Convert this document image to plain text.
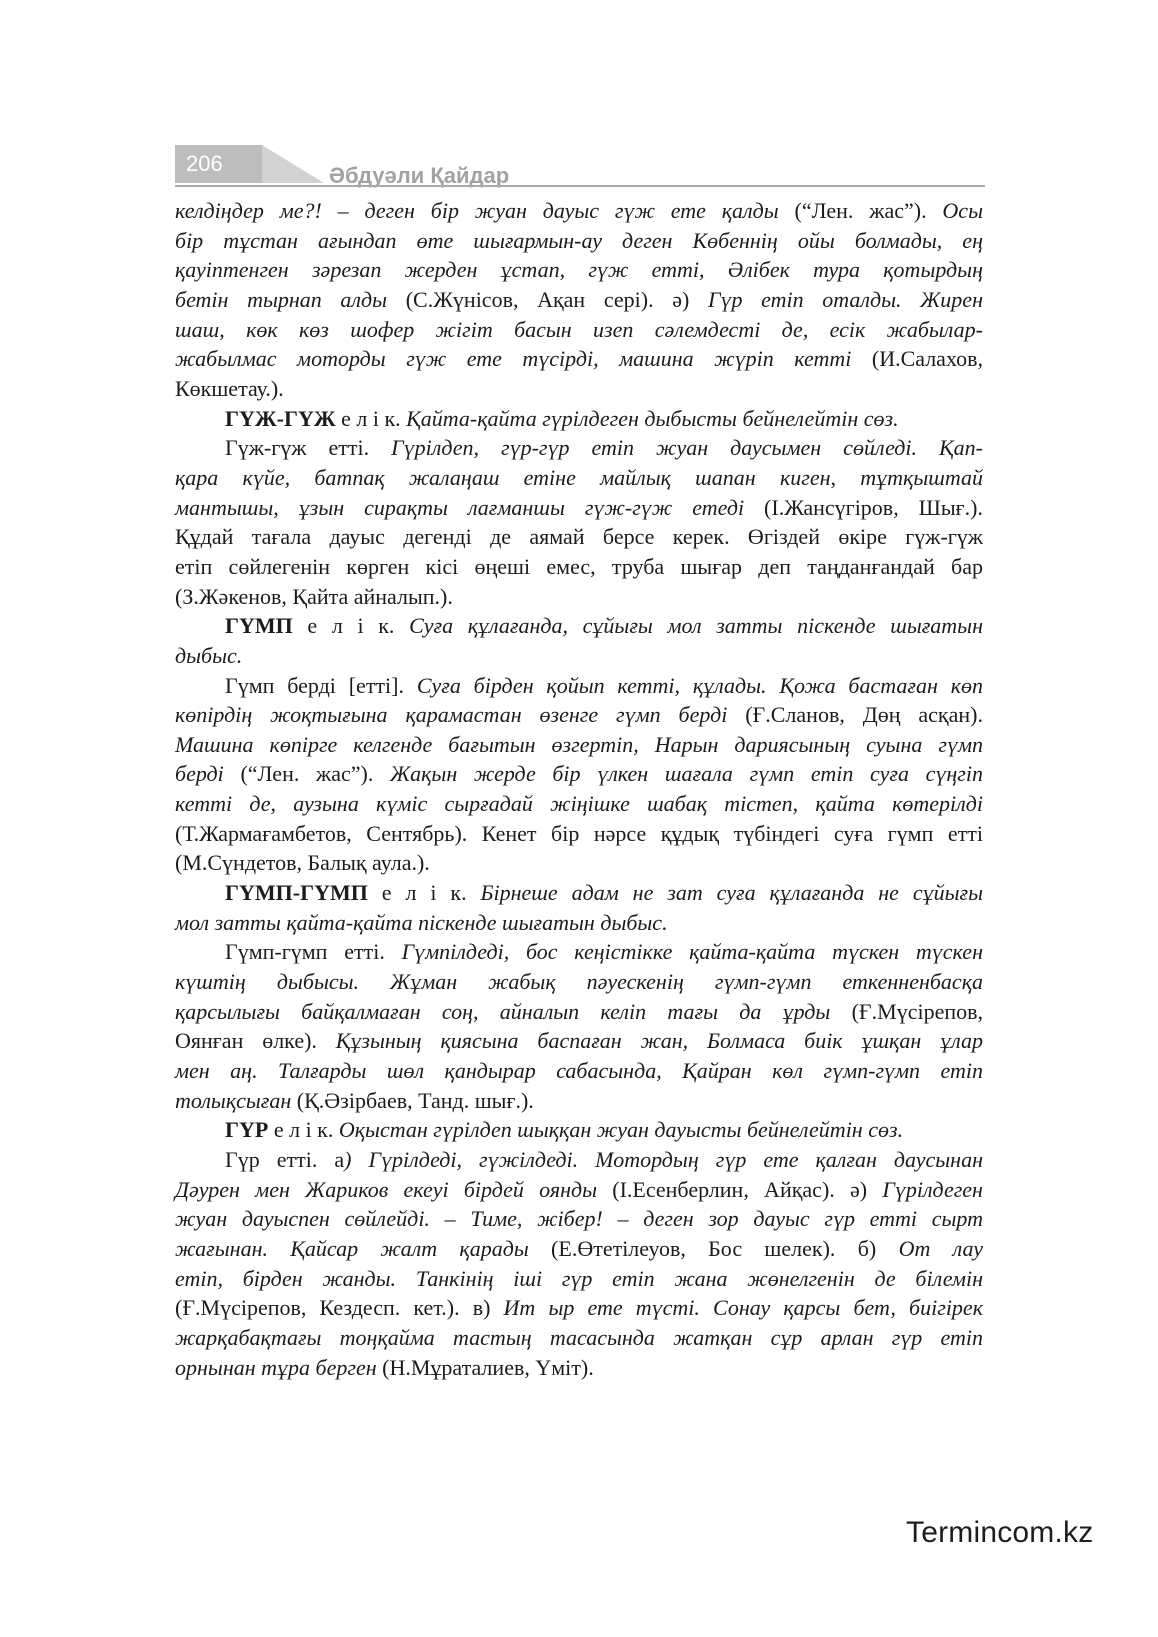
206	Әбдуәли Қайдар
келдіңдер ме?! – деген бір жуан дауыс гүж ете қалды (“Лен. жас”). Осы
бір тұстан ағындап өте шығармын-ау деген Көбеннің ойы болмады, ең
қауіптенген зәрезап жерден ұстап, гүж етті, Әлібек тура қотырдың
бетін тырнап алды (С.Жүнісов, Ақан сері). ә) Гүр етіп оталды. Жирен
шаш, көк көз шофер жігіт басын изеп сәлемдесті де, есік жабылар-
жабылмас моторды гүж ете түсірді, машина жүріп кетті (И.Салахов,
Көкшетау.).
ГҮЖ-ГҮЖ е л і к. Қайта-қайта гүрілдеген дыбысты бейнелейтін сөз.
Гүж-гүж етті. Гүрілдеп, гүр-гүр етіп жуан даусымен сөйледі. Қап-
қара күйе, батпақ жалаңаш етіне майлық шапан киген, тұтқыштай
мантышы, ұзын сирақты лағманшы гүж-гүж етеді (І.Жансүгіров, Шығ.).
Құдай тағала дауыс дегенді де аямай берсе керек. Өгіздей өкіре гүж-гүж
етіп сөйлегенін көрген кісі өңеші емес, труба шығар деп таңданғандай бар
(З.Жәкенов, Қайта айналып.).
ГҮМП е л і к. Суға құлағанда, сұйығы мол затты піскенде шығатын
дыбыс.
Гүмп берді [етті]. Суға бірден қойып кетті, құлады. Қожа бастаған көп
көпірдің жоқтығына қарамастан өзенге гүмп берді (Ғ.Сланов, Дөң асқан).
Машина көпірге келгенде бағытын өзгертіп, Нарын дариясының суына гүмп
берді (“Лен. жас”). Жақын жерде бір үлкен шағала гүмп етіп суға сүңгіп
кетті де, аузына күміс сырғадай жіңішке шабақ тістеп, қайта көтерілді
(Т.Жармағамбетов, Сентябрь). Кенет бір нәрсе құдық түбіндегі суға гүмп етті
(М.Сүндетов, Балық аула.).
ГҮМП-ГҮМП е л і к. Бірнеше адам не зат суға құлағанда не сұйығы
мол затты қайта-қайта піскенде шығатын дыбыс.
Гүмп-гүмп етті. Гүмпілдеді, бос кеңістікке қайта-қайта түскен түскен
күштің дыбысы. Жұман жабық пәуескенің гүмп-гүмп еткенненбасқа
қарсылығы байқалмаған соң, айналып келіп тағы да ұрды (Ғ.Мүсірепов,
Оянған өлке). Құзының қиясына баспаған жан, Болмаса биік ұшқан ұлар
мен аң. Талғарды шөл қандырар сабасында, Қайран көл гүмп-гүмп етіп
толықсыған (Қ.Әзірбаев, Танд. шығ.).
ГҮР е л і к. Оқыстан гүрілдеп шыққан жуан дауысты бейнелейтін сөз.
Гүр етті. а) Гүрілдеді, гүжілдеді. Мотордың гүр ете қалған даусынан
Дәурен мен Жариков екеуі бірдей оянды (І.Есенберлин, Айқас). ә) Гүрілдеген
жуан дауыспен сөйлейді. – Тиме, жібер! – деген зор дауыс гүр етті сырт
жағынан. Қайсар жалт қарады (Е.Өтетілеуов, Бос шелек). б) От лау
етіп, бірден жанды. Танкінің іші гүр етіп жана жөнелгенін де білемін
(Ғ.Мүсірепов, Кездесп. кет.). в) Ит ыр ете түсті. Сонау қарсы бет, биігірек
жарқабақтағы тоңқайма тастың тасасында жатқан сұр арлан гүр етіп
орнынан тұра берген (Н.Мұраталиев, Үміт).
Termincom.kz
